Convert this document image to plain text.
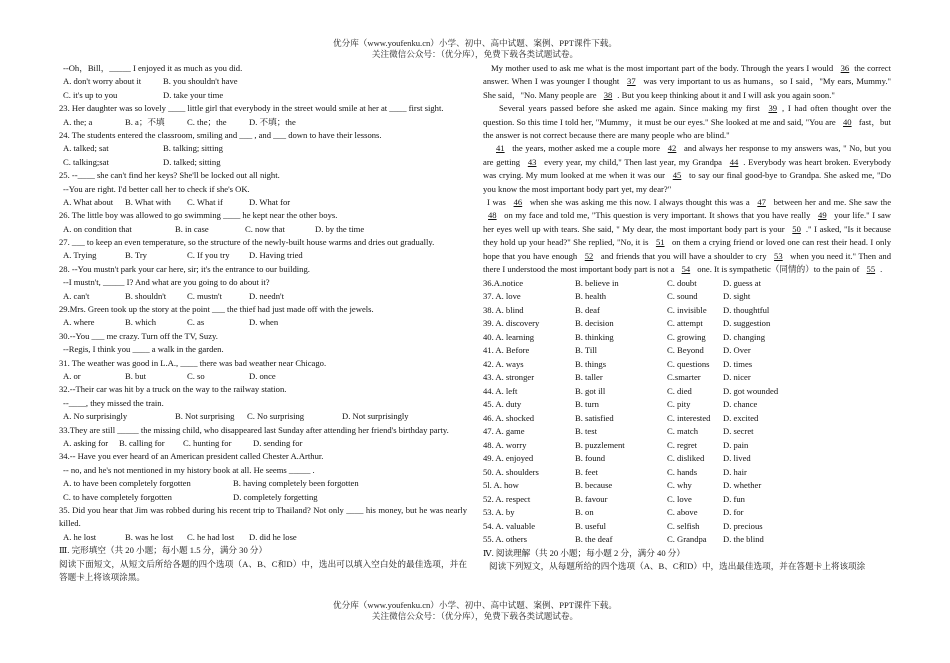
优分库（www.youfenku.cn）小学、初中、高中试题、案例、PPT课件下载。
关注微信公众号：（优分库），免费下载各类试题试卷。
--Oh，Bill，_____ I enjoyed it as much as you did.
A. don't worry about it	B. you shouldn't have
C. it's up to you	D. take your time
23. Her daughter was so lovely ____ little girl that everybody in the street would smile at her at ____ first sight.
A. the; a	B. a；不填	C. the；the	D. 不填；the
24. The students entered the classroom, smiling and ___ , and ___ down to have their lessons.
A. talked; sat	B. talking; sitting
C. talking;sat	D. talked; sitting
25. --____ she can't find her keys? She'll be locked out all night.
--You are right. I'd better call her to check if she's OK.
A. What about	B. What with	C. What if	D. What for
26. The little boy was allowed to go swimming ____ he kept near the other boys.
A. on condition that	B. in case	C. now that	D. by the time
27. ___ to keep an even temperature, so the structure of the newly-built house warms and dries out gradually.
A. Trying	B. Try	C. If you try	D. Having tried
28. --You mustn't park your car here, sir; it's the entrance to our building.
--I mustn't, _____ I? And what are you going to do about it?
A. can't	B. shouldn't	C. mustn't	D. needn't
29.Mrs. Green took up the story at the point ___ the thief had just made off with the jewels.
A. where	B. which	C. as	D. when
30.--You ___ me crazy. Turn off the TV, Suzy.
--Regis, I think you ____ a walk in the garden.
31. The weather was good in L.A., ____ there was bad weather near Chicago.
A. or	B. but	C. so	D. once
32.--Their car was hit by a truck on the way to the railway station.
--____, they missed the train.
A. No surprisingly	B. Not surprising	C. No surprising	D. Not surprisingly

33.They are still _____ the missing child, who disappeared last Sunday after attending her friend's birthday party.

A. asking for	B. calling for	C. hunting for	D. sending for
34.-- Have you ever heard of an American president called Chester A.Arthur.
-- no, and he's not mentioned in my history book at all. He seems _____ .
A. to have been completely forgotten	B. having completely been forgotten
C. to have completely forgotten	D. completely forgetting

35. Did you hear that Jim was robbed during his recent trip to Thailand? Not only ____ his money, but he was nearly killed.

A. he lost	B. was he lost	C. he had lost	D. did he lose
Ⅲ. 完形填空（共 20 小题；每小题 1.5 分，满分 30 分）

阅读下面短文，从短文后所给各题的四个选项（A、B、C和D）中，选出可以填入空白处的最佳选项，并在答题卡上将该项涂黑。

My mother used to ask me what is the most important part of the body. Through the years I would 36 the correct answer. When I was younger I thought 37 was very important to us as humans，so I said，"My ears, Mummy." She said，"No. Many people are 38 . But you keep thinking about it and I will ask you again soon."

Several years passed before she asked me again. Since making my first 39 , I had often thought over the question. So this time I told her, "Mummy，it must be our eyes." She looked at me and said, "You are 40 fast，but the answer is not correct because there are many people who are blind."

41 the years, mother asked me a couple more 42 and always her response to my answers was, " No, but you are getting 43 every year, my child," Then last year, my Grandpa 44 . Everybody was heart broken. Everybody was crying. My mum looked at me when it was our 45 to say our final good-bye to Grandpa. She asked me, "Do you know the most important body part yet, my dear?"

I was 46 when she was asking me this now. I always thought this was a 47 between her and me. She saw the 48 on my face and told me, "This question is very important. It shows that you have really 49 your life." I saw her eyes well up with tears. She said, " My dear, the most important body part is your 50 ." I asked, "Is it because they hold up your head?" She replied, "No, it is 51 on them a crying friend or loved one can rest their head. I only hope that you have enough 52 and friends that you will have a shoulder to cry 53 when you need it." Then and there I understood the most important body part is not a 54 one. It is sympathetic（同情的）to the pain of 55 .

36.A.notice	B. believe in	C. doubt	D. guess at
37. A. love	B. health	C. sound	D. sight
38. A. blind	B. deaf	C. invisible	D. thoughtful
39. A. discovery	B. decision	C. attempt	D. suggestion
40. A. learning	B. thinking	C. growing	D. changing
41. A. Before	B. Till	C. Beyond	D. Over
42. A. ways	B. things	C. questions	D. times
43. A. stronger	B. taller	C.smarter	D. nicer
44. A. left	B. got ill	C. died	D. got wounded
45. A. duty	B. turn	C. pity	D. chance
46. A. shocked	B. satisfied	C. interested	D. excited
47. A. game	B. test	C. match	D. secret
48. A. worry	B. puzzlement	C. regret	D. pain
49. A. enjoyed	B. found	C. disliked	D. lived
50. A. shoulders	B. feet	C. hands	D. hair
5l. A. how	B. because	C. why	D. whether
52. A. respect	B. favour	C. love	D. fun
53. A. by	B. on	C. above	D. for
54. A. valuable	B. useful	C. selfish	D. precious
55. A. others	B. the deaf	C. Grandpa	D. the blind
Ⅳ. 阅读理解（共 20 小题；每小题 2 分，满分 40 分）
阅读下列短文，从每题所给的四个选项（A、B、C和D）中，选出最佳选项，并在答题卡上将该项涂
优分库（www.youfenku.cn）小学、初中、高中试题、案例、PPT课件下载。
关注微信公众号：（优分库），免费下载各类试题试卷。
